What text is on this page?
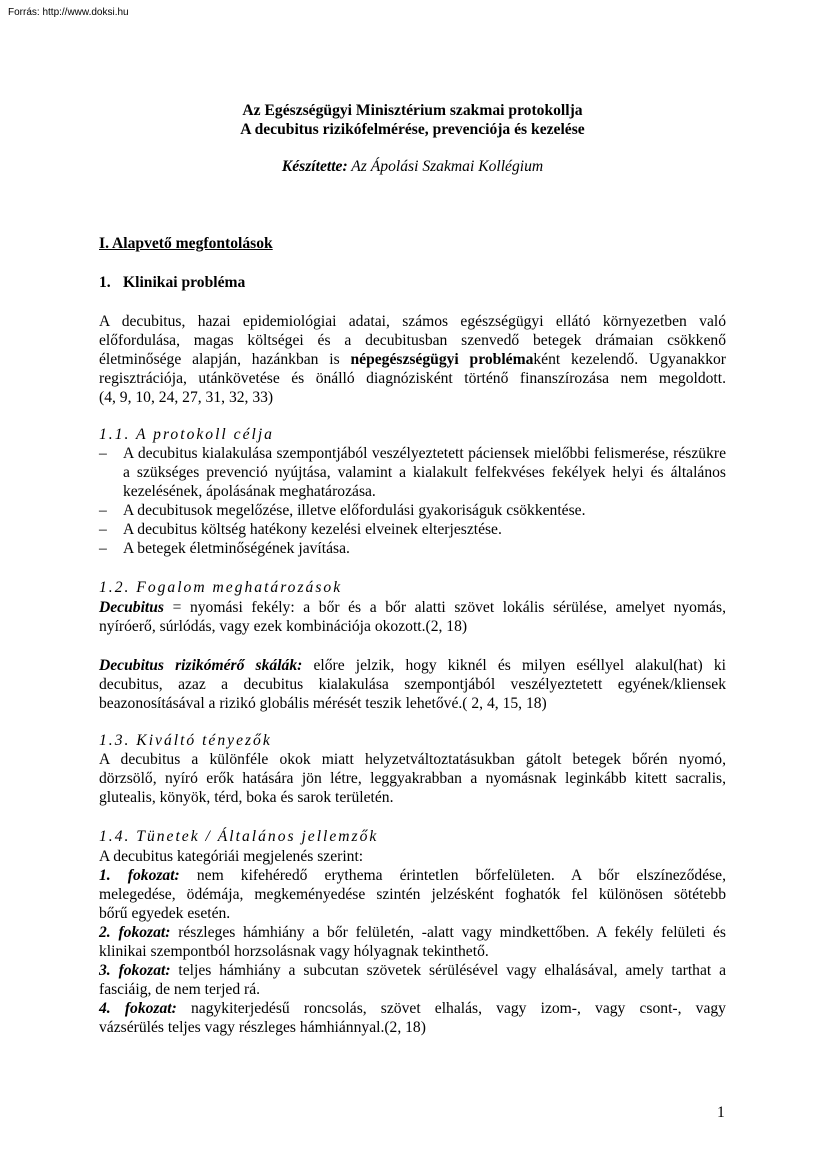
Forrás: http://www.doksi.hu
Az Egészségügyi Minisztérium szakmai protokollja
A decubitus rizikófelmérése, prevenciója és kezelése
Készítette: Az Ápolási Szakmai Kollégium
I. Alapvető megfontolások
1. Klinikai probléma
A decubitus, hazai epidemiológiai adatai, számos egészségügyi ellátó környezetben való
előfordulása, magas költségei és a decubitusban szenvedő betegek drámaian csökkenő
életminősége alapján, hazánkban is népegészségügyi problémaként kezelendő. Ugyanakkor
regisztrációja, utánkövetése és önálló diagnózisként történő finanszírozása nem megoldott.
(4, 9, 10, 24, 27, 31, 32, 33)
1.1. A protokoll célja
– A decubitus kialakulása szempontjából veszélyeztetett páciensek mielőbbi felismerése, részükre a szükséges prevenció nyújtása, valamint a kialakult felfekvéses fekélyek helyi és általános kezelésének, ápolásának meghatározása.
– A decubitusok megelőzése, illetve előfordulási gyakoriságuk csökkentése.
– A decubitus költség hatékony kezelési elveinek elterjesztése.
– A betegek életminőségének javítása.
1.2. Fogalom meghatározások
Decubitus = nyomási fekély: a bőr és a bőr alatti szövet lokális sérülése, amelyet nyomás,
nyíróerő, súrlódás, vagy ezek kombinációja okozott.(2, 18)
Decubitus rizikómérő skálák: előre jelzik, hogy kiknél és milyen eséllyel alakul(hat) ki
decubitus, azaz a decubitus kialakulása szempontjából veszélyeztetett egyének/kliensek
beazonosításával a rizikó globális mérését teszik lehetővé.( 2, 4, 15, 18)
1.3. Kiváltó tényezők
A decubitus a különféle okok miatt helyzetváltoztatásukban gátolt betegek bőrén nyomó,
dörzsölő, nyíró erők hatására jön létre, leggyakrabban a nyomásnak leginkább kitett sacralis,
glutealis, könyök, térd, boka és sarok területén.
1.4. Tünetek / Általános jellemzők
A decubitus kategóriái megjelenés szerint:
1. fokozat: nem kifehéredő erythema érintetlen bőrfelületen. A bőr elszíneződése,
melegedése, ödémája, megkeményedése szintén jelzésként foghatók fel különösen sötétebb
bőrű egyedek esetén.
2. fokozat: részleges hámhiány a bőr felületén, -alatt vagy mindkettőben. A fekély felületi és
klinikai szempontból horzsolásnak vagy hólyagnak tekinthető.
3. fokozat: teljes hámhiány a subcutan szövetek sérülésével vagy elhalásával, amely tarthat a
fasciáig, de nem terjed rá.
4. fokozat: nagykiterjedésű roncsolás, szövet elhalás, vagy izom-, vagy csont-, vagy
vázsérülés teljes vagy részleges hámhiánnyal.(2, 18)
1
